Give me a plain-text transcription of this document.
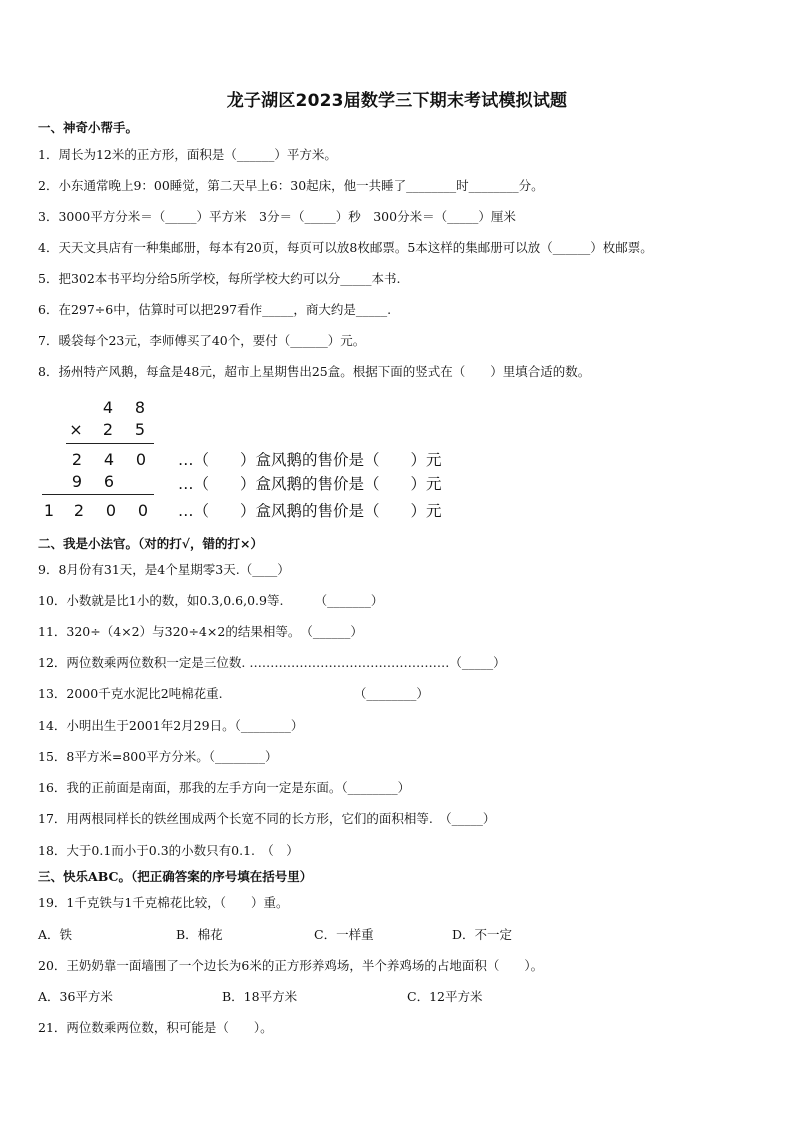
龙子湖区2023届数学三下期末考试模拟试题
一、神奇小帮手。
1．周长为12米的正方形，面积是（______）平方米。
2．小东通常晚上9：00睡觉，第二天早上6：30起床，他一共睡了________时________分。
3．3000平方分米＝（_____）平方米　3分＝（_____）秒　300分米＝（_____）厘米
4．天天文具店有一种集邮册，每本有20页，每页可以放8枚邮票。5本这样的集邮册可以放（______）枚邮票。
5．把302本书平均分给5所学校，每所学校大约可以分_____本书.
6．在297÷6中，估算时可以把297看作_____，商大约是_____.
7．暖袋每个23元，李师傅买了40个，要付（______）元。
8．扬州特产风鹅，每盒是48元，超市上星期售出25盒。根据下面的竖式在（　　）里填合适的数。
4	8
×	2	5
2	4	0
9	6
1	2	0	0
…（　　）盒风鹅的售价是（　　）元
…（　　）盒风鹅的售价是（　　）元
…（　　）盒风鹅的售价是（　　）元
二、我是小法官。（对的打√，错的打×）
9．8月份有31天，是4个星期零3天.（____）
10．小数就是比1小的数，如0.3,0.6,0.9等.　　　（_______）
11．320÷（4×2）与320÷4×2的结果相等。　（______）
12．两位数乘两位数积一定是三位数. …………………………………………（_____）
13．2000千克水泥比2吨棉花重.　　　　　　　　　　　（________）
14．小明出生于2001年2月29日。（________）
15．8平方米=800平方分米。（________）
16．我的正前面是南面，那我的左手方向一定是东面。（________）
17．用两根同样长的铁丝围成两个长宽不同的长方形，它们的面积相等.　（_____）
18．大于0.1而小于0.3的小数只有0.1.　（　）
三、快乐ABC。（把正确答案的序号填在括号里）
19．1千克铁与1千克棉花比较，（　　）重。
A．铁	B．棉花	C．一样重	D．不一定
20．王奶奶靠一面墙围了一个边长为6米的正方形养鸡场，半个养鸡场的占地面积（　　）。
A．36平方米	B．18平方米	C．12平方米
21．两位数乘两位数，积可能是（　　）。
